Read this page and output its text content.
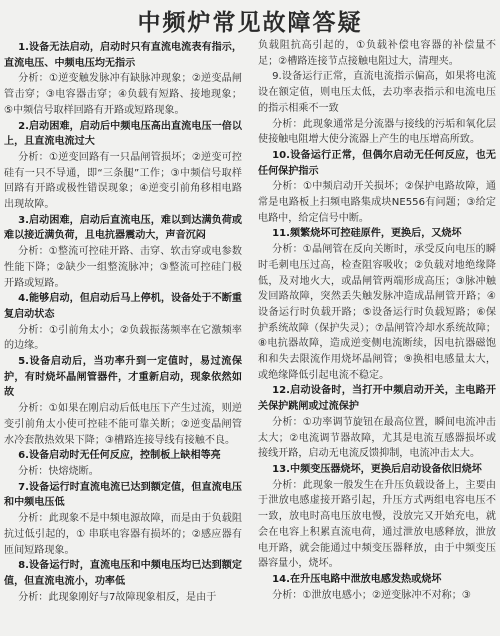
中频炉常见故障答疑

1.设备无法启动，启动时只有直流电流表有指示，直流电压、中频电压均无指示

分析：①逆变触发脉冲有缺脉冲现象；②逆变晶闸管击穿；③电容器击穿；④负载有短路、接地现象；⑤中频信号取样回路有开路或短路现象。

2.启动困难，启动后中频电压高出直流电压一倍以上，且直流电流过大

分析：①逆变回路有一只晶闸管损坏；②逆变可控硅有一只不导通，即“三条腿”工作；③中频信号取样回路有开路或极性错误现象；④逆变引前角移相电路出现故障。

3.启动困难，启动后直流电压，难以到达满负荷或难以接近满负荷，且电抗器震动大，声音沉闷

分析：①整流可控硅开路、击穿、软击穿或电参数性能下降；②缺少一组整流脉冲；③整流可控硅门极开路或短路。

4.能够启动，但启动后马上停机，设备处于不断重复启动状态

分析：①引前角太小；②负载振荡频率在它激频率的边缘。

5.设备启动后，当功率升到一定值时，易过流保护，有时烧坏晶闸管器件，才重新启动，现象依然如故

分析：①如果在刚启动后低电压下产生过流，则逆变引前角太小使可控硅不能可靠关断；②逆变晶闸管水冷套散热效果下降；③槽路连接导线有接触不良。

6.设备启动时无任何反应，控制板上缺相等亮

分析：快熔烧断。

7.设备运行时直流电流已达到额定值，但直流电压和中频电压低

分析：此现象不是中频电源故障，而是由于负载阻抗过低引起的，① 串联电容器有损坏的；②感应器有匝间短路现象。

8.设备运行时，直流电压和中频电压均已达到额定值，但直流电流小，功率低

分析：此现象刚好与7故障现象相反，是由于

负载阻抗高引起的，①负载补偿电容器的补偿量不足；②槽路连接节点接触电阻过大，清理夹。

9.设备运行正常，直流电流指示偏高，如果将电流设在额定值，则电压太低，去功率表指示和电流电压的指示相乘不一致

分析：此现象通常是分流器与接线的污垢和氧化层使接触电阻增大使分流器上产生的电压增高所致。

10.设备运行正常，但偶尔启动无任何反应，也无任何保护指示

分析：①中频启动开关损坏；②保护电路故障，通常是电路板上扫频电路集成块NE556有问题；③给定电路中，给定信号中断。

11.频繁烧坏可控硅原件，更换后，又烧坏

分析：①晶闸管在反向关断时，承受反向电压的瞬时毛刺电压过高，检查阻容吸收；②负载对地绝缘降低，及对地火大，或晶闸管两端形成高压；③脉冲触发回路故障，突然丢失触发脉冲造成晶闸管开路；④设备运行时负载开路；⑤设备运行时负载短路；⑥保护系统故障（保护失灵）；⑦晶闸管冷却水系统故障；⑧电抗器故障，造成逆变侧电流断续，因电抗器磁饱和和失去限流作用烧坏晶闸管；⑨换相电感量太大，或绝缘降低引起电流不稳定。

12.启动设备时，当打开中频启动开关，主电路开关保护跳闸或过流保护

分析：①功率调节旋钮在最高位置，瞬间电流冲击太大；②电流调节器故障，尤其是电流互感器损坏或接线开路，启动无电流反馈抑制，电流冲击太大。

13.中频变压器烧坏，更换后启动设备依旧烧坏

分析：此现象一般发生在升压负载设备上，主要由于泄放电感虚接开路引起，升压方式两组电容电压不一致，放电时高电压放电慢，没放完又开始充电，就会在电容上积累直流电荷，通过泄放电感释放，泄放电开路，就会能通过中频变压器释放，由于中频变压器容量小，烧坏。

14.在升压电路中泄放电感发热或烧坏

分析：①泄放电感小；②逆变脉冲不对称；③
